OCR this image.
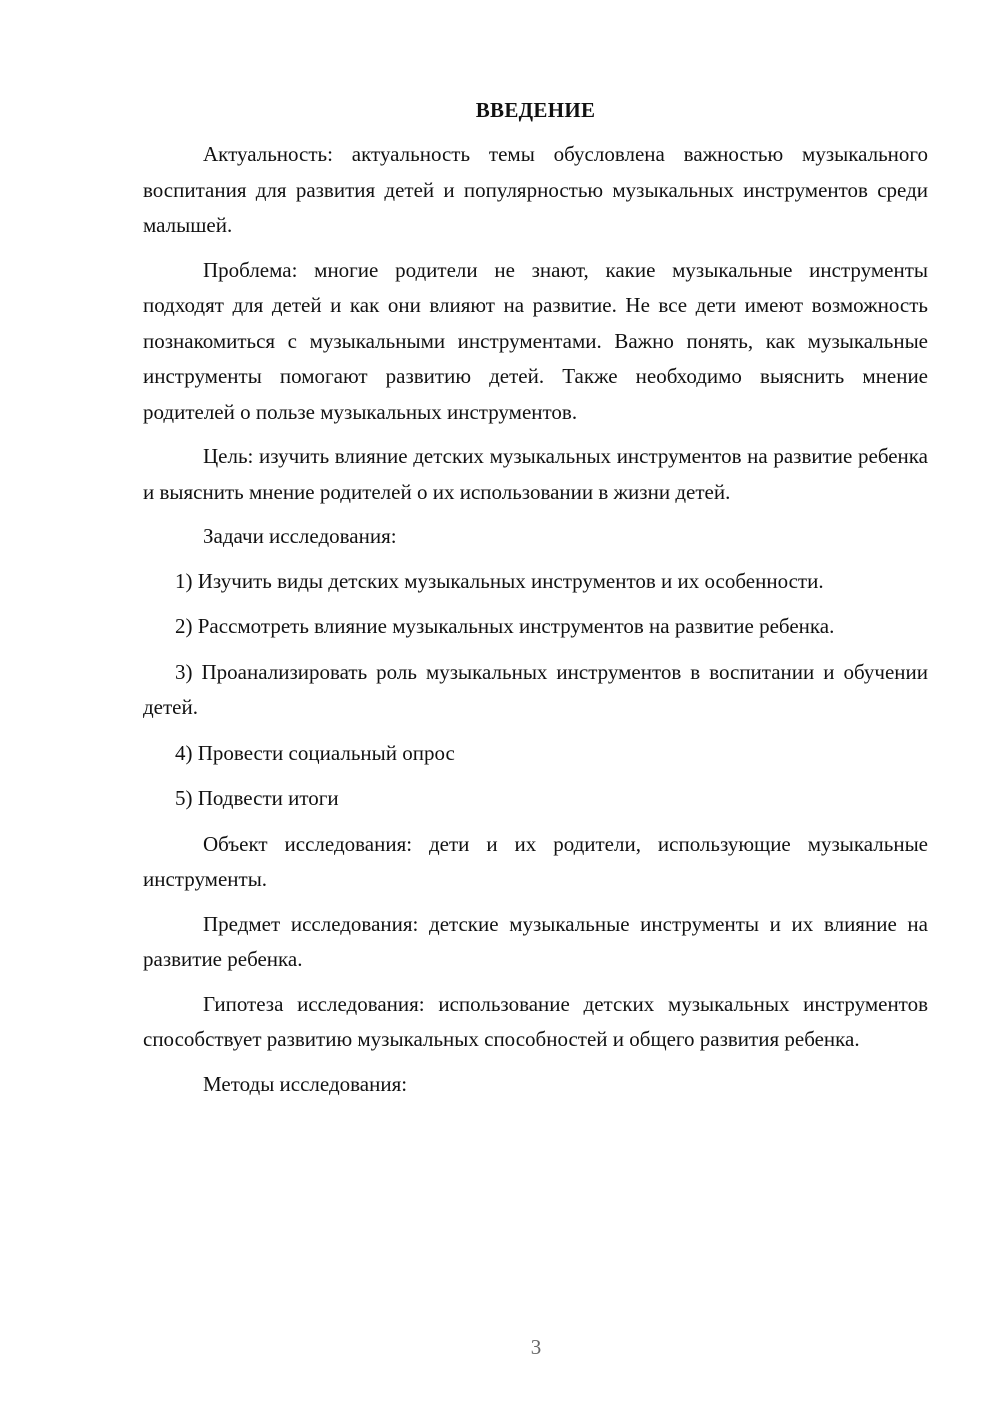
ВВЕДЕНИЕ

Актуальность: актуальность темы обусловлена важностью музыкального воспитания для развития детей и популярностью музыкальных инструментов среди малышей.

Проблема: многие родители не знают, какие музыкальные инструменты подходят для детей и как они влияют на развитие. Не все дети имеют возможность познакомиться с музыкальными инструментами. Важно понять, как музыкальные инструменты помогают развитию детей. Также необходимо выяснить мнение родителей о пользе музыкальных инструментов.

Цель: изучить влияние детских музыкальных инструментов на развитие ребенка и выяснить мнение родителей о их использовании в жизни детей.

Задачи исследования:

1) Изучить виды детских музыкальных инструментов и их особенности.

2) Рассмотреть влияние музыкальных инструментов на развитие ребенка.

3) Проанализировать роль музыкальных инструментов в воспитании и обучении детей.

4) Провести социальный опрос

5) Подвести итоги

Объект исследования: дети и их родители, использующие музыкальные инструменты.

Предмет исследования: детские музыкальные инструменты и их влияние на развитие ребенка.

Гипотеза исследования: использование детских музыкальных инструментов способствует развитию музыкальных способностей и общего развития ребенка.

Методы исследования:

3
